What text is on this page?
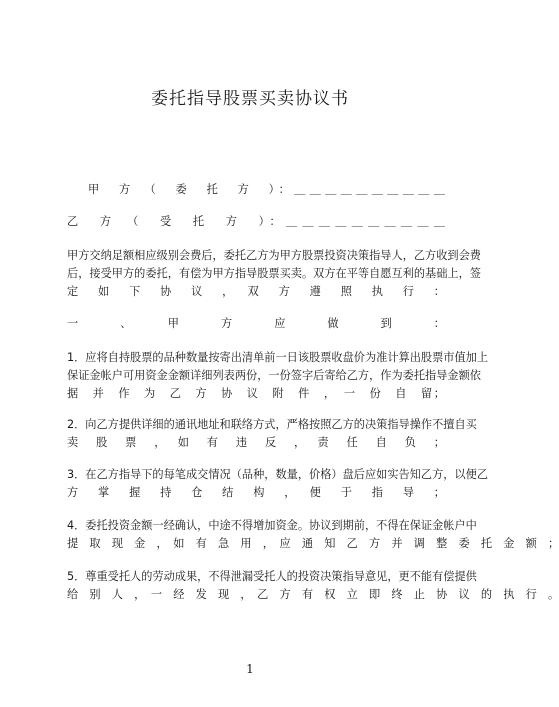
委托指导股票买卖协议书
甲　方　（　委　托　方　）：＿＿＿＿＿＿＿＿＿＿
乙　方　（　受　托　方　）：＿＿＿＿＿＿＿＿＿＿
甲方交纳足额相应级别会费后，委托乙方为甲方股票投资决策指导人，乙方收到会费
后，接受甲方的委托，有偿为甲方指导股票买卖。双方在平等自愿互利的基础上，签
定　如　下　协　议　，　双　方　遵　照　执　行　：
一　、　甲　方　应　做　到　：
1．应将自持股票的品种数量按寄出清单前一日该股票收盘价为准计算出股票市值加上
保证金帐户可用资金金额详细列表两份，一份签字后寄给乙方，作为委托指导金额依
据　并　作　为　乙　方　协　议　附　件　，　一　份　自　留；
2．向乙方提供详细的通讯地址和联络方式，严格按照乙方的决策指导操作不擅自买
卖　股　票　，　如　有　违　反　，　责　任　自　负　；
3．在乙方指导下的每笔成交情况（品种，数量，价格）盘后应如实告知乙方，以便乙
方　掌　握　持　仓　结　构　，　便　于　指　导　；
4．委托投资金额一经确认，中途不得增加资金。协议到期前，不得在保证金帐户中
提　取　现　金　，　如　有　急　用　，　应　通　知　乙　方　并　调　整　委　托　金　额　；
5．尊重受托人的劳动成果，不得泄漏受托人的投资决策指导意见，更不能有偿提供
给　别　人　，　一　经　发　现　，　乙　方　有　权　立　即　终　止　协　议　的　执　行　。
1
